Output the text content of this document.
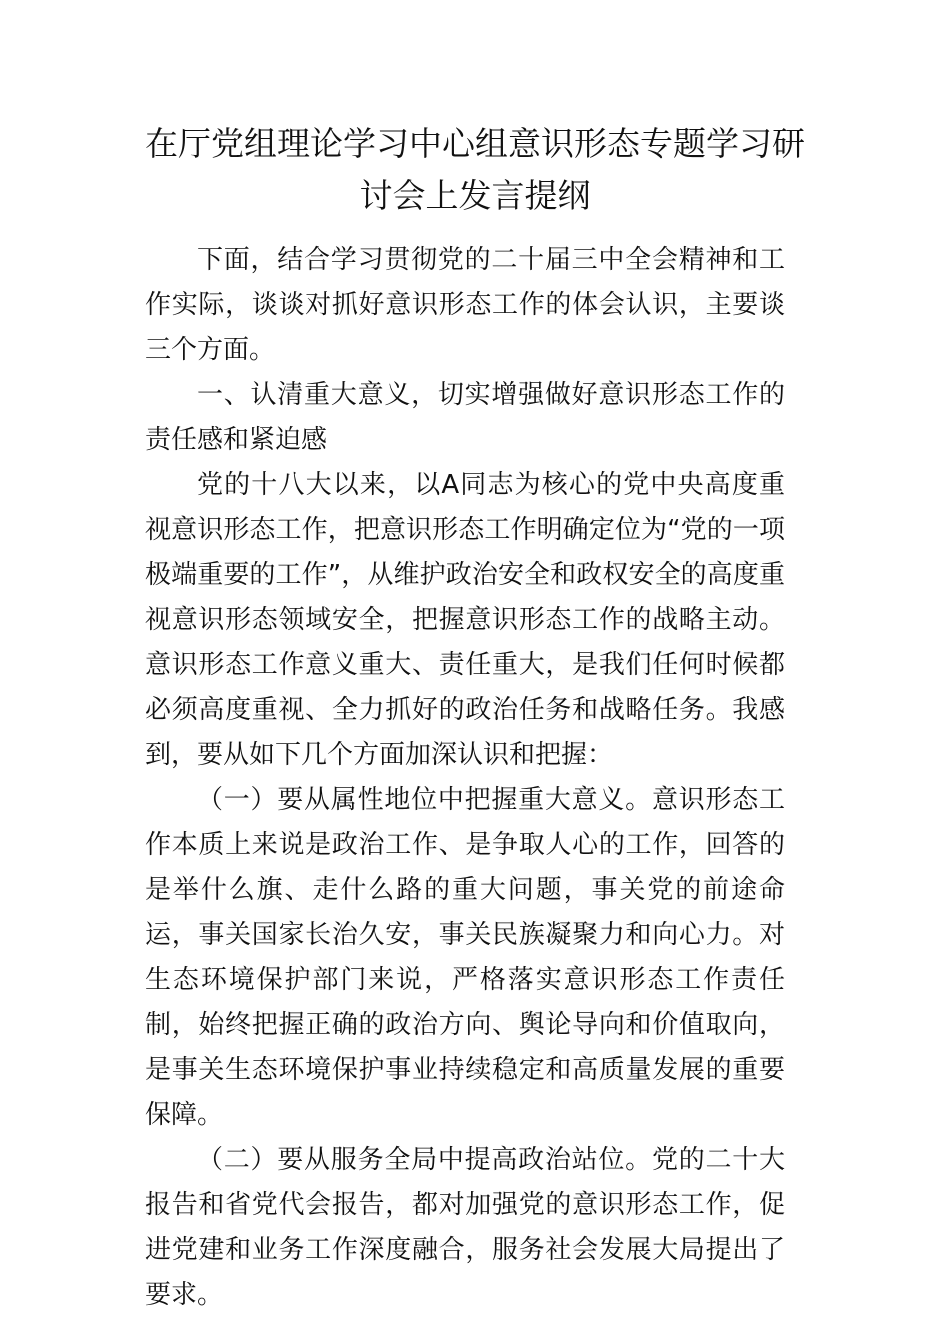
在厅党组理论学习中心组意识形态专题学习研讨会上发言提纲

下面，结合学习贯彻党的二十届三中全会精神和工作实际，谈谈对抓好意识形态工作的体会认识，主要谈三个方面。

一、认清重大意义，切实增强做好意识形态工作的责任感和紧迫感

党的十八大以来，以A同志为核心的党中央高度重视意识形态工作，把意识形态工作明确定位为“党的一项极端重要的工作”，从维护政治安全和政权安全的高度重视意识形态领域安全，把握意识形态工作的战略主动。意识形态工作意义重大、责任重大，是我们任何时候都必须高度重视、全力抓好的政治任务和战略任务。我感到，要从如下几个方面加深认识和把握：

（一）要从属性地位中把握重大意义。意识形态工作本质上来说是政治工作、是争取人心的工作，回答的是举什么旗、走什么路的重大问题，事关党的前途命运，事关国家长治久安，事关民族凝聚力和向心力。对生态环境保护部门来说，严格落实意识形态工作责任制，始终把握正确的政治方向、舆论导向和价值取向，是事关生态环境保护事业持续稳定和高质量发展的重要保障。

（二）要从服务全局中提高政治站位。党的二十大报告和省党代会报告，都对加强党的意识形态工作，促进党建和业务工作深度融合，服务社会发展大局提出了要求。
